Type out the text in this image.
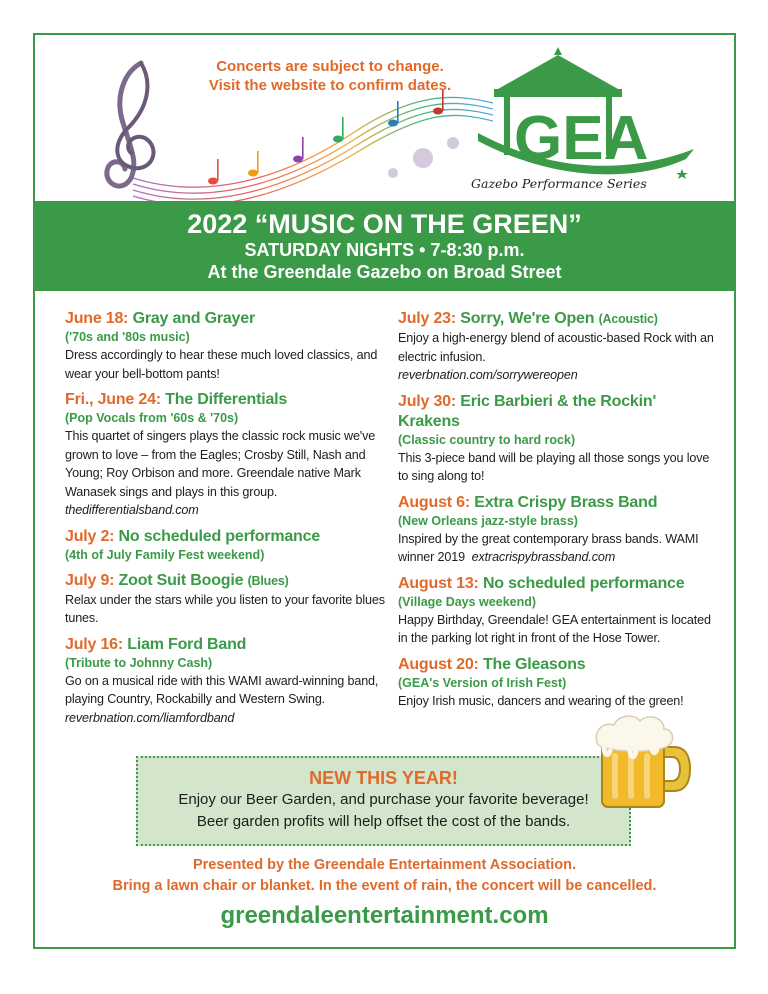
Concerts are subject to change.
Visit the website to confirm dates.
GEA
Gazebo Performance Series
2022 “MUSIC ON THE GREEN”
SATURDAY NIGHTS • 7-8:30 p.m.
At the Greendale Gazebo on Broad Street
June 18: Gray and Grayer
('70s and '80s music)
Dress accordingly to hear these much loved classics, and wear your bell-bottom pants!
Fri., June 24: The Differentials
(Pop Vocals from '60s & '70s)
This quartet of singers plays the classic rock music we've grown to love – from the Eagles; Crosby Still, Nash and Young; Roy Orbison and more. Greendale native Mark Wanasek sings and plays in this group.
thedifferentialsband.com
July 2: No scheduled performance
(4th of July Family Fest weekend)
July 9: Zoot Suit Boogie (Blues)
Relax under the stars while you listen to your favorite blues tunes.
July 16: Liam Ford Band
(Tribute to Johnny Cash)
Go on a musical ride with this WAMI award-winning band, playing Country, Rockabilly and Western Swing.
reverbnation.com/liamfordband
July 23: Sorry, We're Open (Acoustic)
Enjoy a high-energy blend of acoustic-based Rock with an electric infusion.
reverbnation.com/sorrywereopen
July 30: Eric Barbieri & the Rockin' Krakens
(Classic country to hard rock)
This 3-piece band will be playing all those songs you love to sing along to!
August 6: Extra Crispy Brass Band
(New Orleans jazz-style brass)
Inspired by the great contemporary brass bands. WAMI winner 2019 extracrispybrassband.com
August 13: No scheduled performance
(Village Days weekend)
Happy Birthday, Greendale! GEA entertainment is located in the parking lot right in front of the Hose Tower.
August 20: The Gleasons
(GEA's Version of Irish Fest)
Enjoy Irish music, dancers and wearing of the green!
NEW THIS YEAR!
Enjoy our Beer Garden, and purchase your favorite beverage!
Beer garden profits will help offset the cost of the bands.
Presented by the Greendale Entertainment Association.
Bring a lawn chair or blanket. In the event of rain, the concert will be cancelled.
greendaleentertainment.com
